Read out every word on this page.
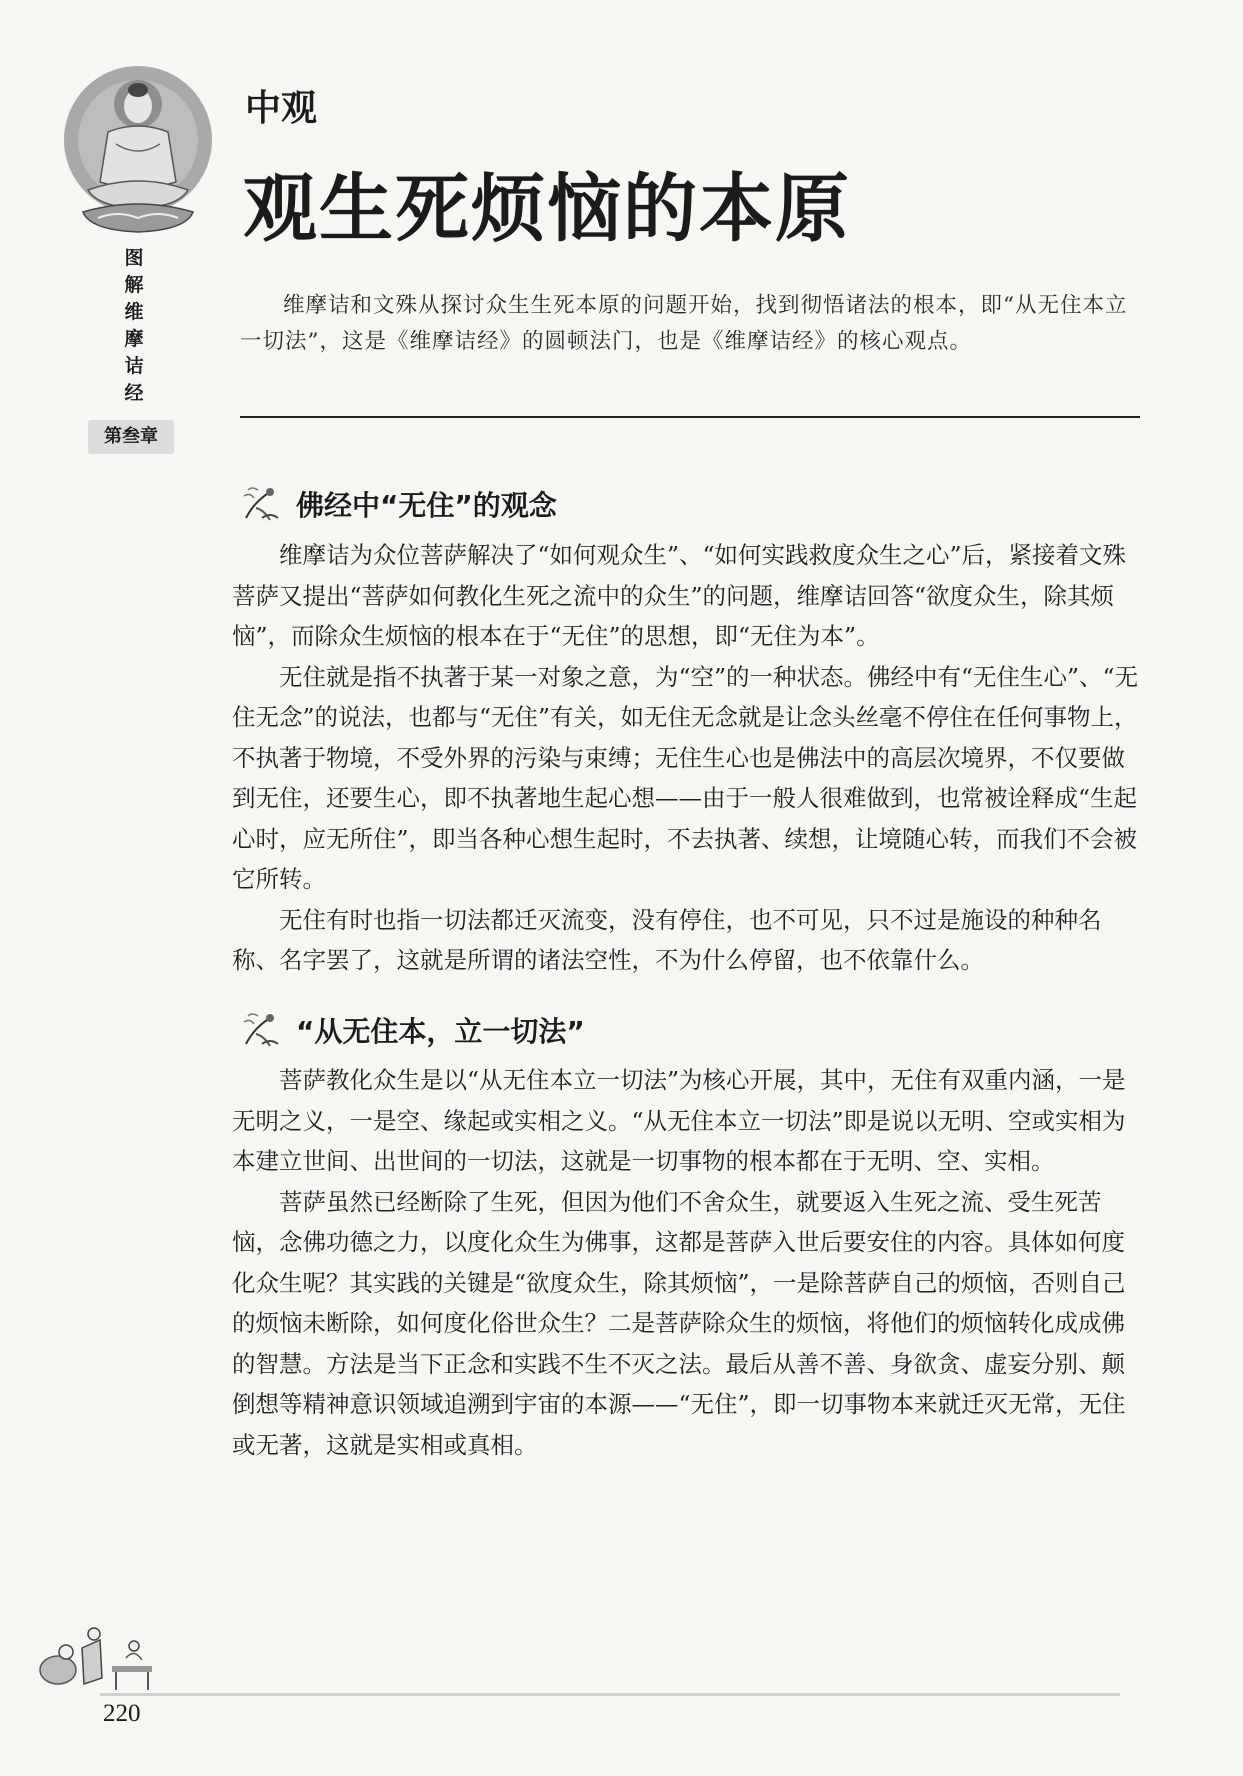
图
解
维
摩
诘
经
第叁章
中观
观生死烦恼的本原
维摩诘和文殊从探讨众生生死本原的问题开始，找到彻悟诸法的根本，即“从无住本立一切法”，这是《维摩诘经》的圆顿法门，也是《维摩诘经》的核心观点。
佛经中“无住”的观念

维摩诘为众位菩萨解决了“如何观众生”、“如何实践救度众生之心”后，紧接着文殊菩萨又提出“菩萨如何教化生死之流中的众生”的问题，维摩诘回答“欲度众生，除其烦恼”，而除众生烦恼的根本在于“无住”的思想，即“无住为本”。

无住就是指不执著于某一对象之意，为“空”的一种状态。佛经中有“无住生心”、“无住无念”的说法，也都与“无住”有关，如无住无念就是让念头丝毫不停住在任何事物上，不执著于物境，不受外界的污染与束缚；无住生心也是佛法中的高层次境界，不仅要做到无住，还要生心，即不执著地生起心想——由于一般人很难做到，也常被诠释成“生起心时，应无所住”，即当各种心想生起时，不去执著、续想，让境随心转，而我们不会被它所转。

无住有时也指一切法都迁灭流变，没有停住，也不可见，只不过是施设的种种名称、名字罢了，这就是所谓的诸法空性，不为什么停留，也不依靠什么。

“从无住本，立一切法”

菩萨教化众生是以“从无住本立一切法”为核心开展，其中，无住有双重内涵，一是无明之义，一是空、缘起或实相之义。“从无住本立一切法”即是说以无明、空或实相为本建立世间、出世间的一切法，这就是一切事物的根本都在于无明、空、实相。

菩萨虽然已经断除了生死，但因为他们不舍众生，就要返入生死之流、受生死苦恼，念佛功德之力，以度化众生为佛事，这都是菩萨入世后要安住的内容。具体如何度化众生呢？其实践的关键是“欲度众生，除其烦恼”，一是除菩萨自己的烦恼，否则自己的烦恼未断除，如何度化俗世众生？二是菩萨除众生的烦恼，将他们的烦恼转化成成佛的智慧。方法是当下正念和实践不生不灭之法。最后从善不善、身欲贪、虚妄分别、颠倒想等精神意识领域追溯到宇宙的本源——“无住”，即一切事物本来就迁灭无常，无住或无著，这就是实相或真相。

220
